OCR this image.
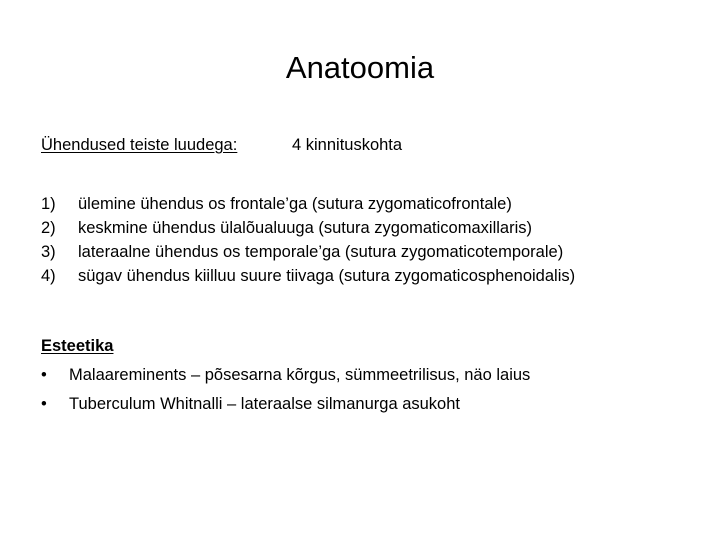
Anatoomia
Ühendused teiste luudega:	4 kinnituskohta
1) ülemine ühendus os frontale’ga (sutura zygomaticofrontale)
2) keskmine ühendus ülalõualuuga (sutura zygomaticomaxillaris)
3) lateraalne ühendus os temporale’ga (sutura zygomaticotemporale)
4) sügav ühendus kiilluu suure tiivaga (sutura zygomaticosphenoidalis)
Esteetika
• Malaareminents – põsesarna kõrgus, sümmeetrilisus, näo laius
• Tuberculum Whitnalli – lateraalse silmanurga asukoht
